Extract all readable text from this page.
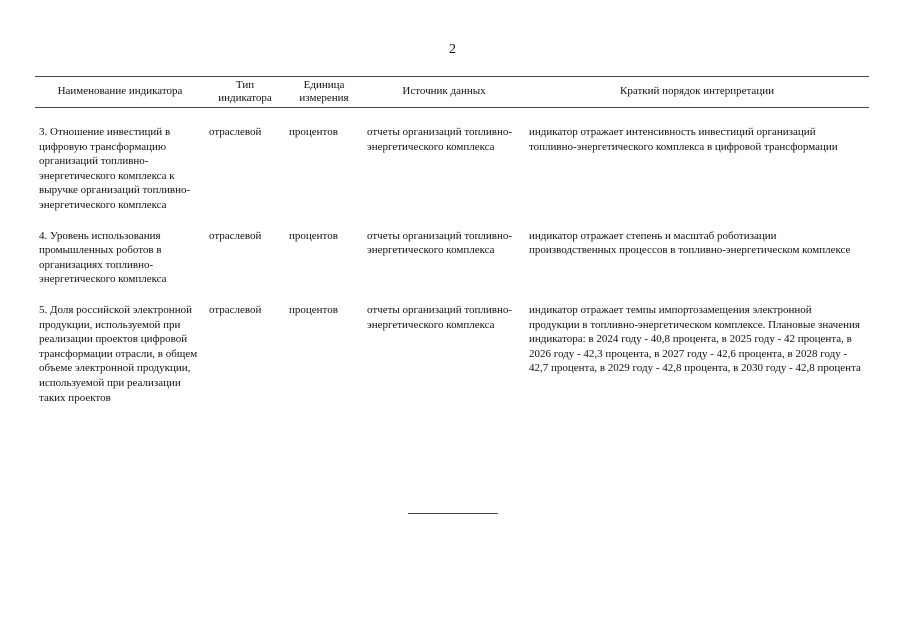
2
Наименование индикатора	Тип индикатора	Единица измерения	Источник данных	Краткий порядок интерпретации
3. Отношение инвестиций в цифровую трансформацию организаций топливно-энергетического комплекса к выручке организаций топливно-энергетического комплекса	отраслевой	процентов	отчеты организаций топливно-энергетического комплекса	индикатор отражает интенсивность инвестиций организаций топливно-энергетического комплекса в цифровой трансформации
4. Уровень использования промышленных роботов в организациях топливно-энергетического комплекса	отраслевой	процентов	отчеты организаций топливно-энергетического комплекса	индикатор отражает степень и масштаб роботизации производственных процессов в топливно-энергетическом комплексе
5. Доля российской электронной продукции, используемой при реализации проектов цифровой трансформации отрасли, в общем объеме электронной продукции, используемой при реализации таких проектов	отраслевой	процентов	отчеты организаций топливно-энергетического комплекса	индикатор отражает темпы импортозамещения электронной продукции в топливно-энергетическом комплексе. Плановые значения индикатора: в 2024 году - 40,8 процента, в 2025 году - 42 процента, в 2026 году - 42,3 процента, в 2027 году - 42,6 процента, в 2028 году - 42,7 процента, в 2029 году - 42,8 процента, в 2030 году - 42,8 процента
